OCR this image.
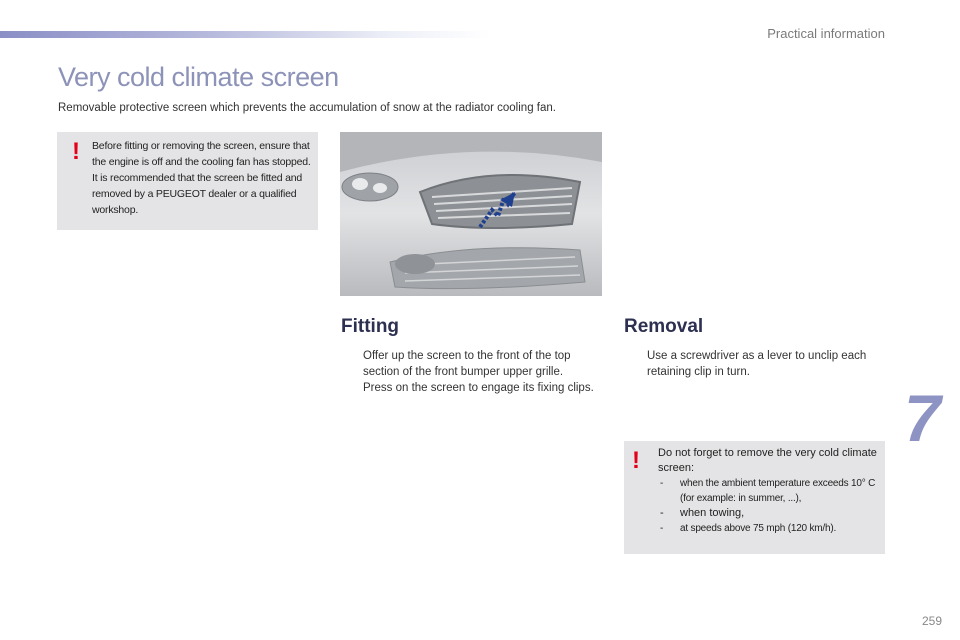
Practical information
Very cold climate screen
Removable protective screen which prevents the accumulation of snow at the radiator cooling fan.
! Before fitting or removing the screen, ensure that the engine is off and the cooling fan has stopped. It is recommended that the screen be fitted and removed by a PEUGEOT dealer or a qualified workshop.
Fitting
Offer up the screen to the front of the top section of the front bumper upper grille.
Press on the screen to engage its fixing clips.
Removal
Use a screwdriver as a lever to unclip each retaining clip in turn.
! Do not forget to remove the very cold climate screen:
- when the ambient temperature exceeds 10° C (for example: in summer, ...),
- when towing,
- at speeds above 75 mph (120 km/h).
7
259
